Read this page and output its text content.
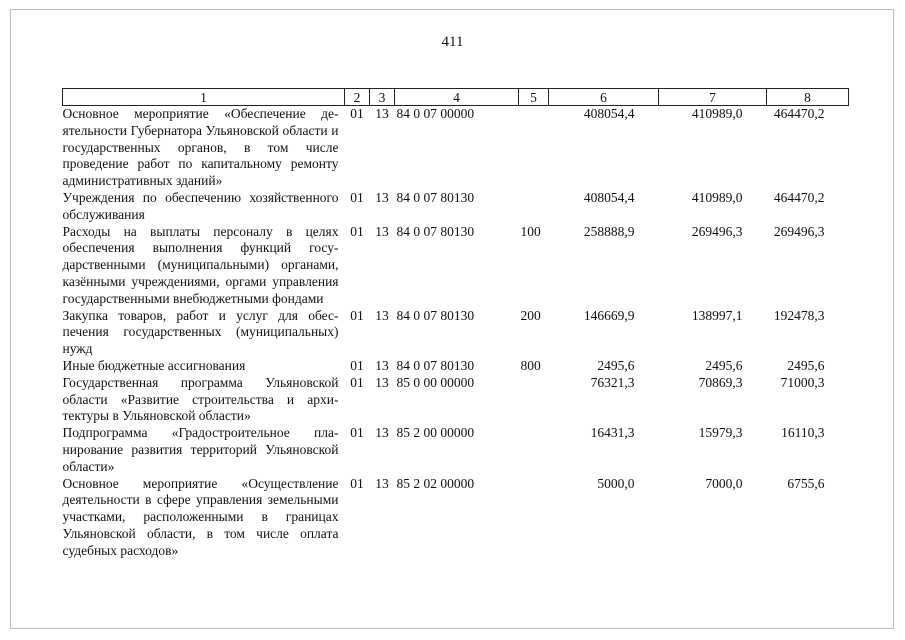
411
1	2	3	4	5	6	7	8
Основное мероприятие «Обеспечение деятельности Губернатора Ульяновской области и государственных органов, в том числе проведение работ по капитальному ремонту административных зданий»	01	13	84 0 07 00000		408054,4	410989,0	464470,2
Учреждения по обеспечению хозяйственного обслуживания	01	13	84 0 07 80130		408054,4	410989,0	464470,2
Расходы на выплаты персоналу в целях обеспечения выполнения функций государственными (муниципальными) органами, казёнными учреждениями, оргами управления государственными внебюджетными фондами	01	13	84 0 07 80130	100	258888,9	269496,3	269496,3
Закупка товаров, работ и услуг для обеспечения государственных (муниципальных) нужд	01	13	84 0 07 80130	200	146669,9	138997,1	192478,3
Иные бюджетные ассигнования	01	13	84 0 07 80130	800	2495,6	2495,6	2495,6
Государственная программа Ульяновской области «Развитие строительства и архитектуры в Ульяновской области»	01	13	85 0 00 00000		76321,3	70869,3	71000,3
Подпрограмма «Градостроительное планирование развития территорий Ульяновской области»	01	13	85 2 00 00000		16431,3	15979,3	16110,3
Основное мероприятие «Осуществление деятельности в сфере управления земельными участками, расположенными в границах Ульяновской области, в том числе оплата судебных расходов»	01	13	85 2 02 00000		5000,0	7000,0	6755,6
